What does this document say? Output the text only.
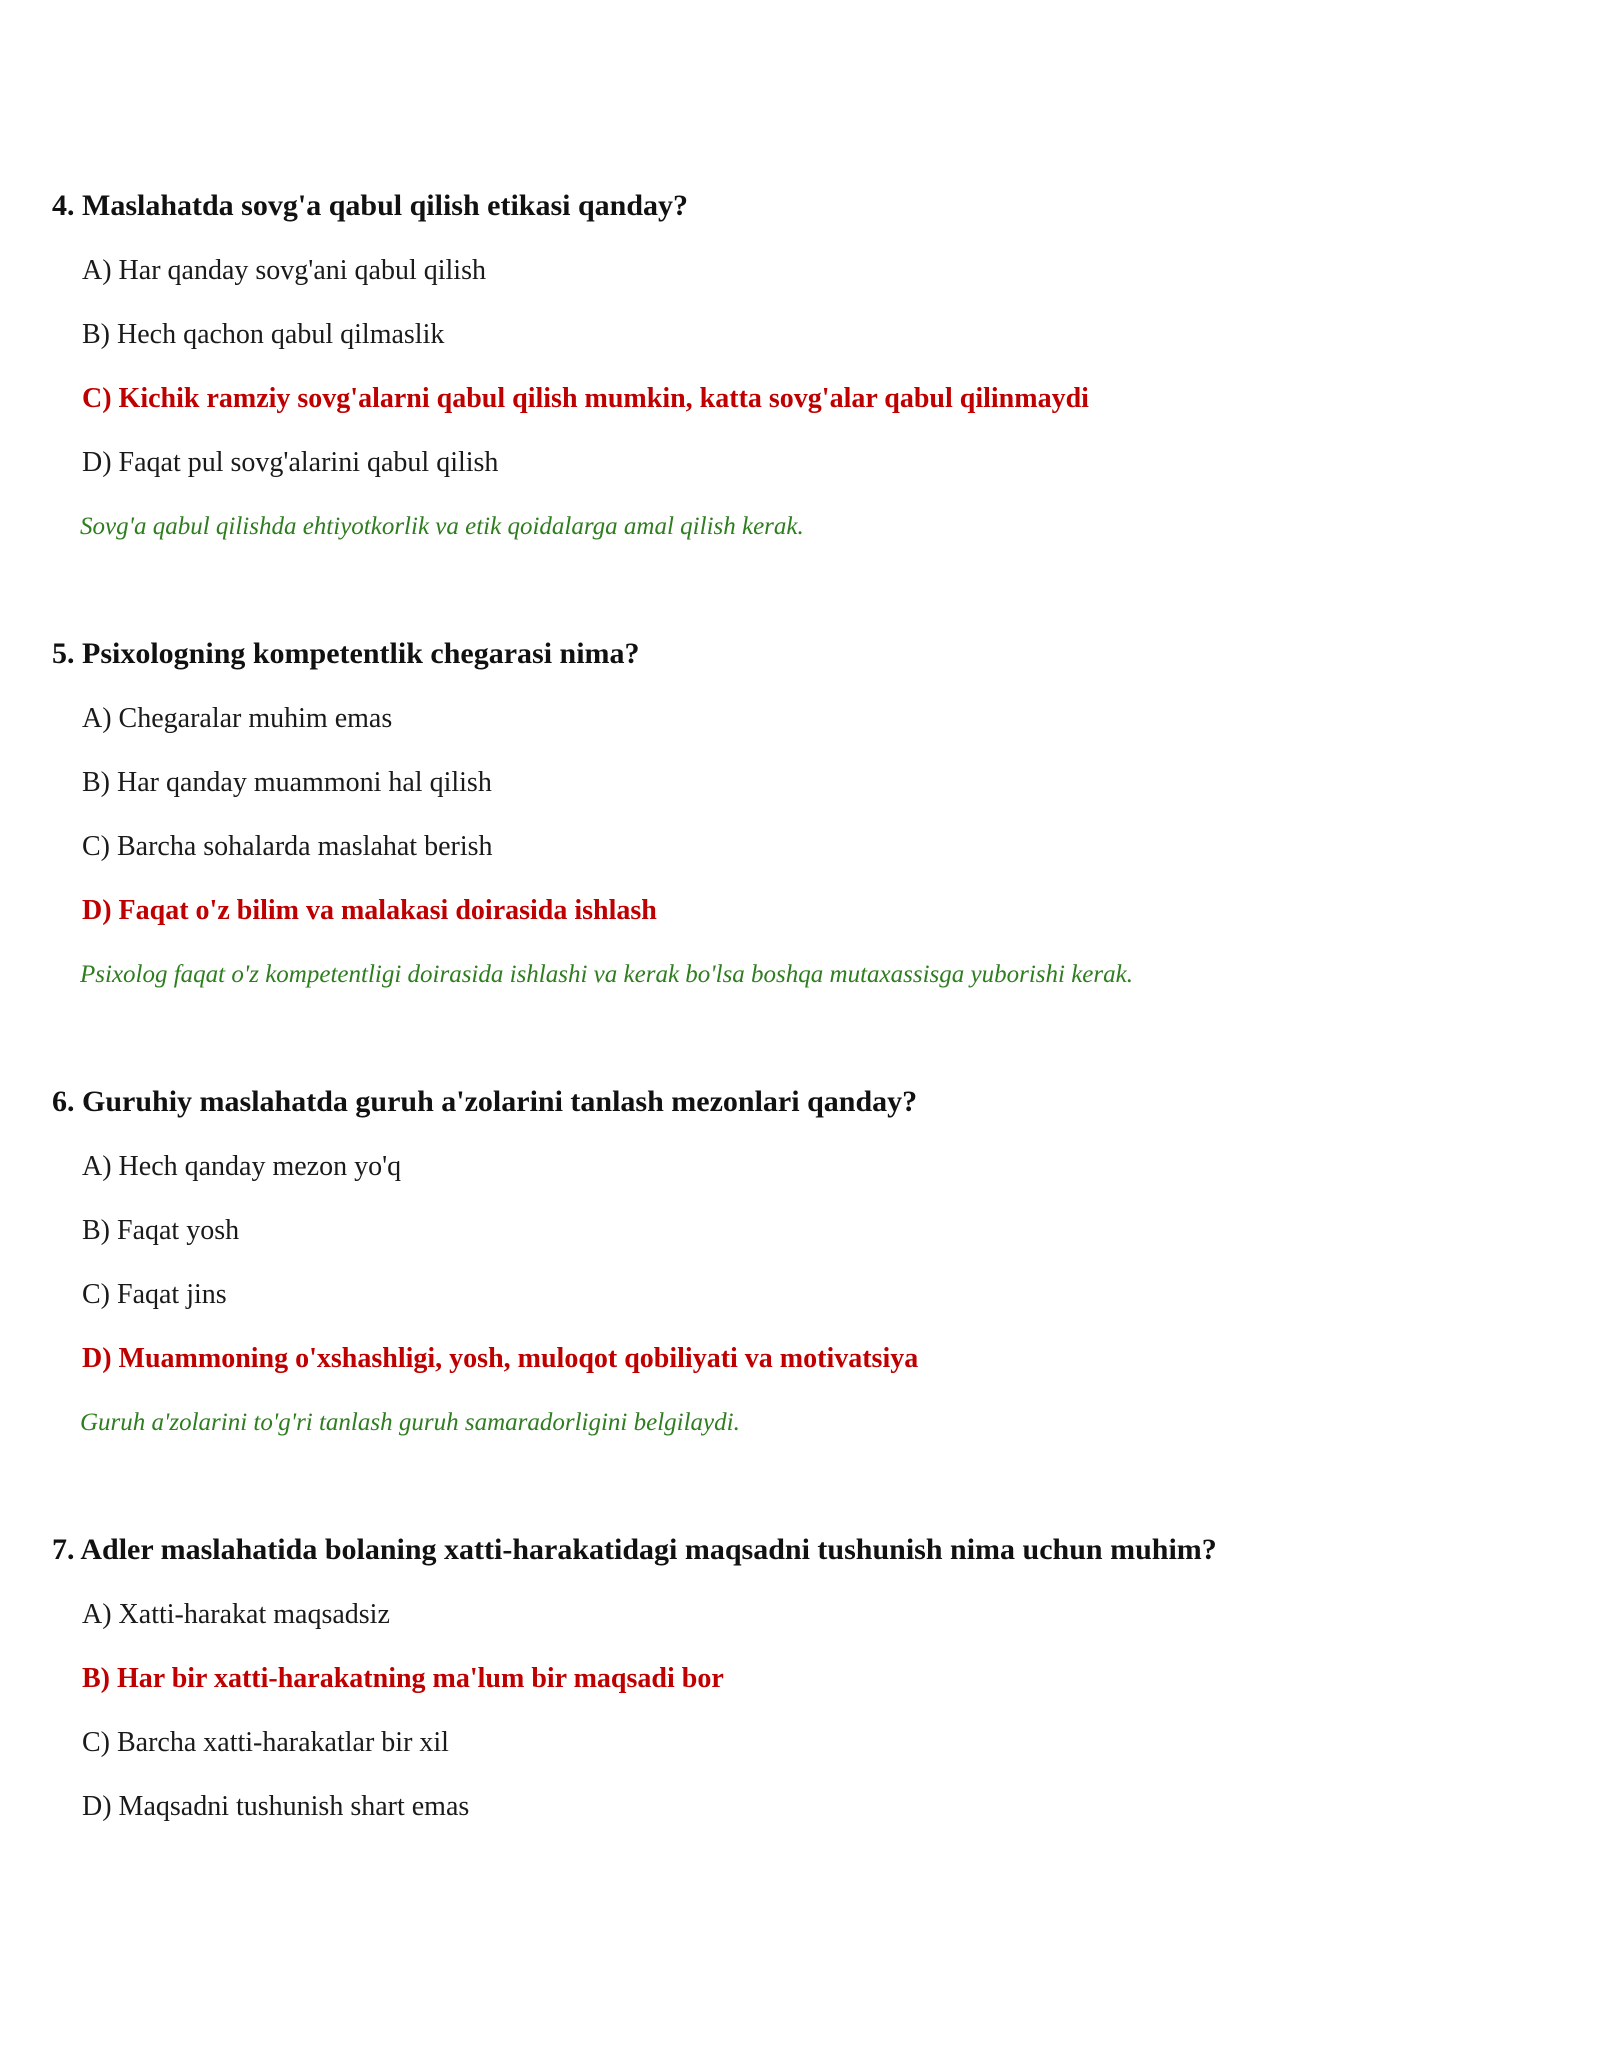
4. Maslahatda sovg'a qabul qilish etikasi qanday?

A) Har qanday sovg'ani qabul qilish
B) Hech qachon qabul qilmaslik
C) Kichik ramziy sovg'alarni qabul qilish mumkin, katta sovg'alar qabul qilinmaydi
D) Faqat pul sovg'alarini qabul qilish
Sovg'a qabul qilishda ehtiyotkorlik va etik qoidalarga amal qilish kerak.

5. Psixologning kompetentlik chegarasi nima?

A) Chegaralar muhim emas
B) Har qanday muammoni hal qilish
C) Barcha sohalarda maslahat berish
D) Faqat o'z bilim va malakasi doirasida ishlash
Psixolog faqat o'z kompetentligi doirasida ishlashi va kerak bo'lsa boshqa mutaxassisga yuborishi kerak.

6. Guruhiy maslahatda guruh a'zolarini tanlash mezonlari qanday?

A) Hech qanday mezon yo'q
B) Faqat yosh
C) Faqat jins
D) Muammoning o'xshashligi, yosh, muloqot qobiliyati va motivatsiya
Guruh a'zolarini to'g'ri tanlash guruh samaradorligini belgilaydi.

7. Adler maslahatida bolaning xatti-harakatidagi maqsadni tushunish nima uchun muhim?

A) Xatti-harakat maqsadsiz
B) Har bir xatti-harakatning ma'lum bir maqsadi bor
C) Barcha xatti-harakatlar bir xil
D) Maqsadni tushunish shart emas
